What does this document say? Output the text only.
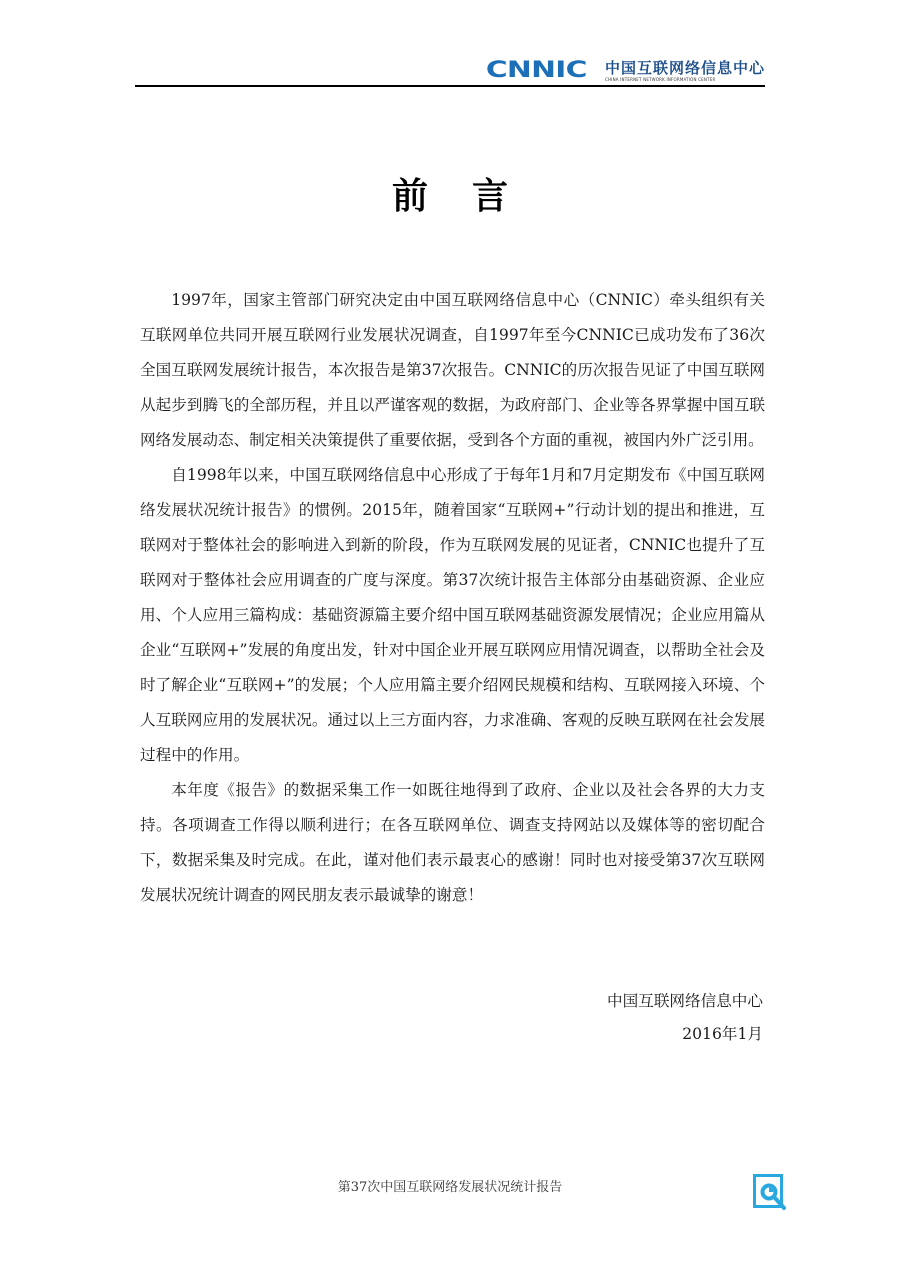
CNNIC 中国互联网络信息中心
CHINA INTERNET NETWORK INFORMATION CENTER
前言

1997年，国家主管部门研究决定由中国互联网络信息中心（CNNIC）牵头组织有关互联网单位共同开展互联网行业发展状况调查，自1997年至今CNNIC已成功发布了36次全国互联网发展统计报告，本次报告是第37次报告。CNNIC的历次报告见证了中国互联网从起步到腾飞的全部历程，并且以严谨客观的数据，为政府部门、企业等各界掌握中国互联网络发展动态、制定相关决策提供了重要依据，受到各个方面的重视，被国内外广泛引用。

自1998年以来，中国互联网络信息中心形成了于每年1月和7月定期发布《中国互联网络发展状况统计报告》的惯例。2015年，随着国家“互联网+”行动计划的提出和推进，互联网对于整体社会的影响进入到新的阶段，作为互联网发展的见证者，CNNIC也提升了互联网对于整体社会应用调查的广度与深度。第37次统计报告主体部分由基础资源、企业应用、个人应用三篇构成：基础资源篇主要介绍中国互联网基础资源发展情况；企业应用篇从企业“互联网+”发展的角度出发，针对中国企业开展互联网应用情况调查，以帮助全社会及时了解企业“互联网+”的发展；个人应用篇主要介绍网民规模和结构、互联网接入环境、个人互联网应用的发展状况。通过以上三方面内容，力求准确、客观的反映互联网在社会发展过程中的作用。

本年度《报告》的数据采集工作一如既往地得到了政府、企业以及社会各界的大力支持。各项调查工作得以顺利进行；在各互联网单位、调查支持网站以及媒体等的密切配合下，数据采集及时完成。在此，谨对他们表示最衷心的感谢！同时也对接受第37次互联网发展状况统计调查的网民朋友表示最诚挚的谢意！

中国互联网络信息中心
2016年1月
第37次中国互联网络发展状况统计报告
